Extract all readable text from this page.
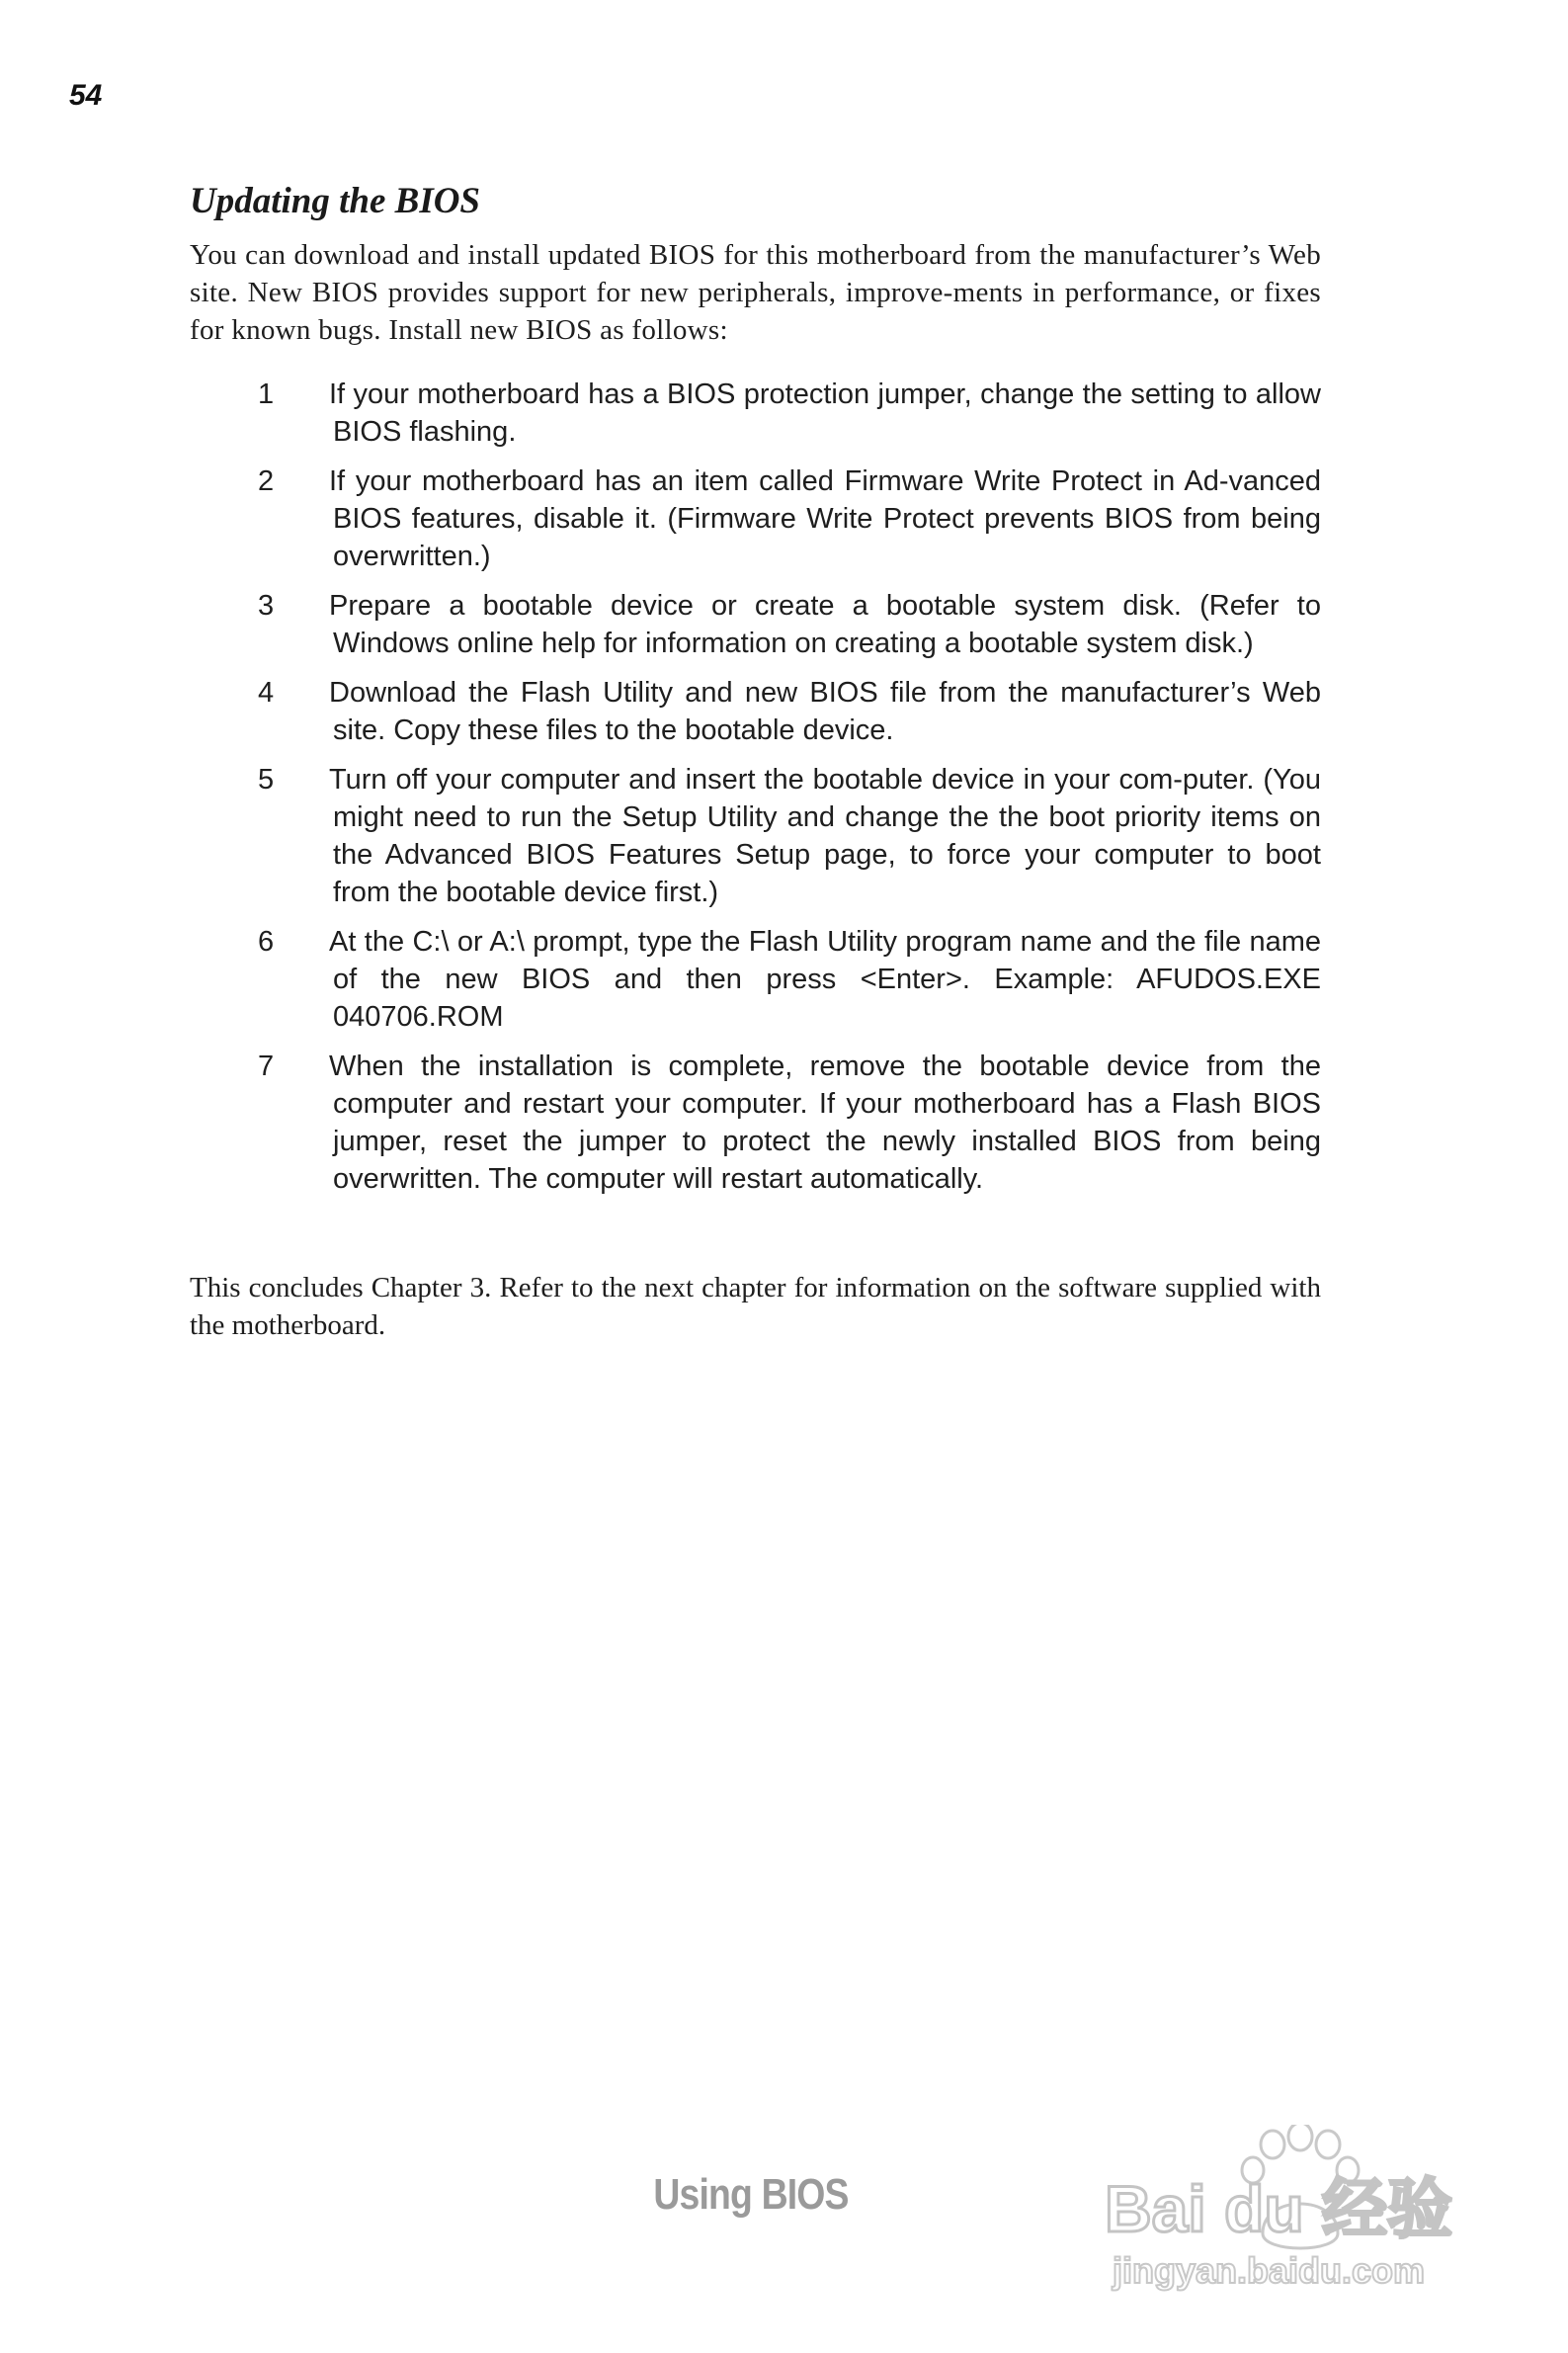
54
Updating the BIOS

You can download and install updated BIOS for this motherboard from the manufacturer’s Web site. New BIOS provides support for new peripherals, improve-ments in performance, or fixes for known bugs. Install new BIOS as follows:

1 If your motherboard has a BIOS protection jumper, change the setting to allow BIOS flashing.
2 If your motherboard has an item called Firmware Write Protect in Ad-vanced BIOS features, disable it. (Firmware Write Protect prevents BIOS from being overwritten.)
3 Prepare a bootable device or create a bootable system disk. (Refer to Windows online help for information on creating a bootable system disk.)
4 Download the Flash Utility and new BIOS file from the manufacturer’s Web site. Copy these files to the bootable device.
5 Turn off your computer and insert the bootable device in your com-puter. (You might need to run the Setup Utility and change the the boot priority items on the Advanced BIOS Features Setup page, to force your computer to boot from the bootable device first.)
6 At the C:\ or A:\ prompt, type the Flash Utility program name and the file name of the new BIOS and then press <Enter>. Example: AFUDOS.EXE 040706.ROM
7 When the installation is complete, remove the bootable device from the computer and restart your computer. If your motherboard has a Flash BIOS jumper, reset the jumper to protect the newly installed BIOS from being overwritten. The computer will restart automatically.

This concludes Chapter 3. Refer to the next chapter for information on the software supplied with the motherboard.

Using BIOS	Bai du 经验
jingyan.baidu.com
